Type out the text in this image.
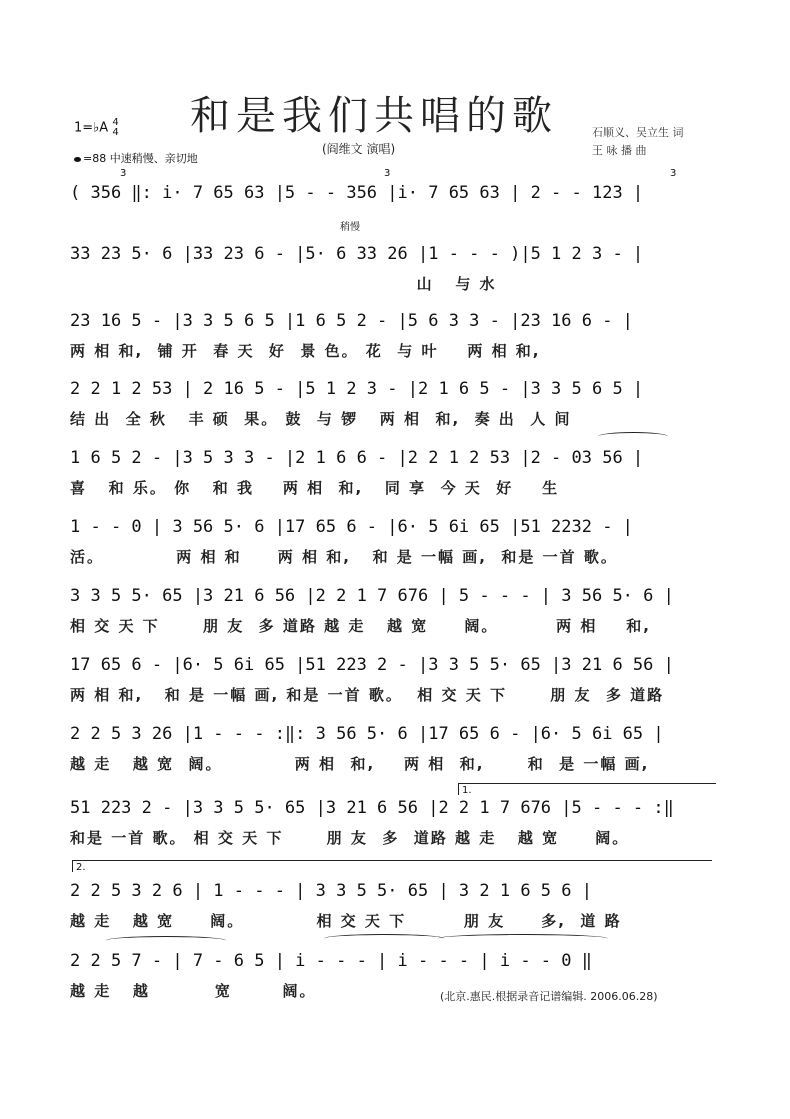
和是我们共唱的歌
(阎维文 演唱)
石顺义、吴立生 词
王 咏 播 曲
1=♭A 4
4
=88 中速稍慢、亲切地
3	3	3
稍慢
( 356 ‖: i· 7 65 63 |5 - - 356 |i· 7 65 63 | 2 - - 123 |
33 23 5· 6 |33 23 6 - |5· 6 33 26 |1 - - - )|5 1 2 3 - |
山   与 水
23 16 5 - |3 3 5 6 5 |1 6 5 2 - |5 6 3 3 - |23 16 6 - |
两 相 和,  铺 开  春 天  好  景 色。 花  与 叶    两 相 和,
2 2 1 2 53 | 2 16 5 - |5 1 2 3 - |2 1 6 5 - |3 3 5 6 5 |
结 出  全 秋   丰 硕  果。 鼓  与 锣   两 相  和,  奏 出  人 间
1 6 5 2 - |3 5 3 3 - |2 1 6 6 - |2 2 1 2 53 |2 - 03 56 |
喜   和 乐。 你   和 我    两 相  和,   同 享  今 天  好    生
1 - - 0 | 3 56 5· 6 |17 65 6 - |6· 5 6i 65 |51 2232 - |
活。          两 相 和     两 相 和,   和 是 一幅 画,  和是 一首 歌。
3 3 5 5· 65 |3 21 6 56 |2 2 1 7 676 | 5 - - - | 3 56 5· 6 |
相 交 天 下      朋 友  多 道路 越 走   越 宽     阔。        两 相    和,
17 65 6 - |6· 5 6i 65 |51 223 2 - |3 3 5 5· 65 |3 21 6 56 |
两 相 和,   和 是 一幅 画, 和是 一首 歌。  相 交 天 下      朋 友  多 道路
2 2 5 3 26 |1 - - - :‖: 3 56 5· 6 |17 65 6 - |6· 5 6i 65 |
越 走   越 宽  阔。          两 相  和,    两 相  和,      和  是 一幅 画,
51 223 2 - |3 3 5 5· 65 |3 21 6 56 |2 2 1 7 676 |5 - - - :‖
和是 一首 歌。 相 交 天 下      朋 友  多  道路 越 走   越 宽     阔。
2 2 5 3 2 6 | 1 - - - | 3 3 5 5· 65 | 3 2 1 6 5 6 |
越 走   越 宽     阔。          相 交 天 下        朋 友     多,  道 路
2 2 5 7 - | 7 - 6 5 | i - - - | i - - - | i - - 0 ‖
越 走   越         宽       阔。
1.
2.
(北京.惠民.根据录音记谱编辑. 2006.06.28)
